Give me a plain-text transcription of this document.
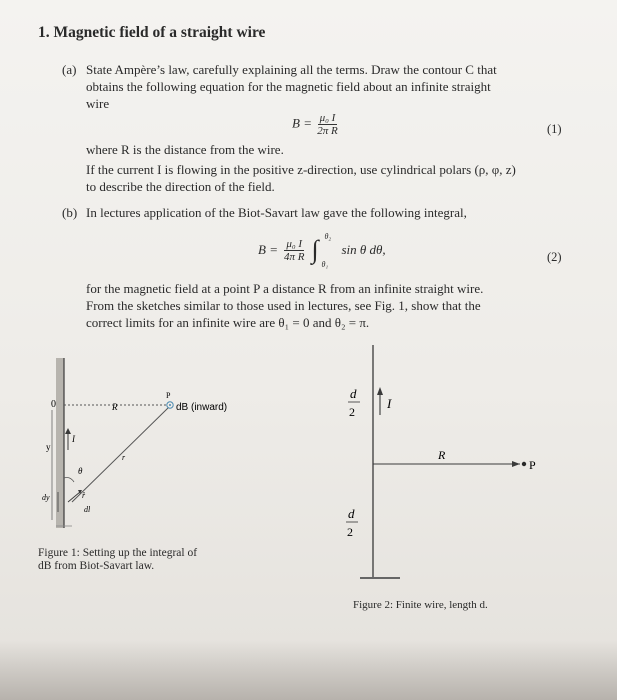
1. Magnetic field of a straight wire
(a) State Ampère’s law, carefully explaining all the terms. Draw the contour C that
obtains the following equation for the magnetic field about an infinite straight
wire
$B = \frac{\text{μ₀ I}}{\text{2π R}}$	(1)
where R is the distance from the wire.
If the current I is flowing in the positive z-direction, use cylindrical polars (ρ, φ, z)
to describe the direction of the field.
(b) In lectures application of the Biot-Savart law gave the following integral,
$B = \frac{\text{μ₀ I}}{\text{4π R}}$ ∫ θ₂
θ₁
sin θ dθ,	(2)
for the magnetic field at a point P a distance R from an infinite straight wire.
From the sketches similar to those used in lectures, see Fig. 1, show that the
correct limits for an infinite wire are θ₁ = 0 and θ₂ = π.
y
0
I
R
P
dB (inward)
r
θ
dy	r̂
dl
Figure 1: Setting up the integral of
dB from Biot-Savart law.
d
2
I
R
P
d
2
Figure 2: Finite wire, length d.
